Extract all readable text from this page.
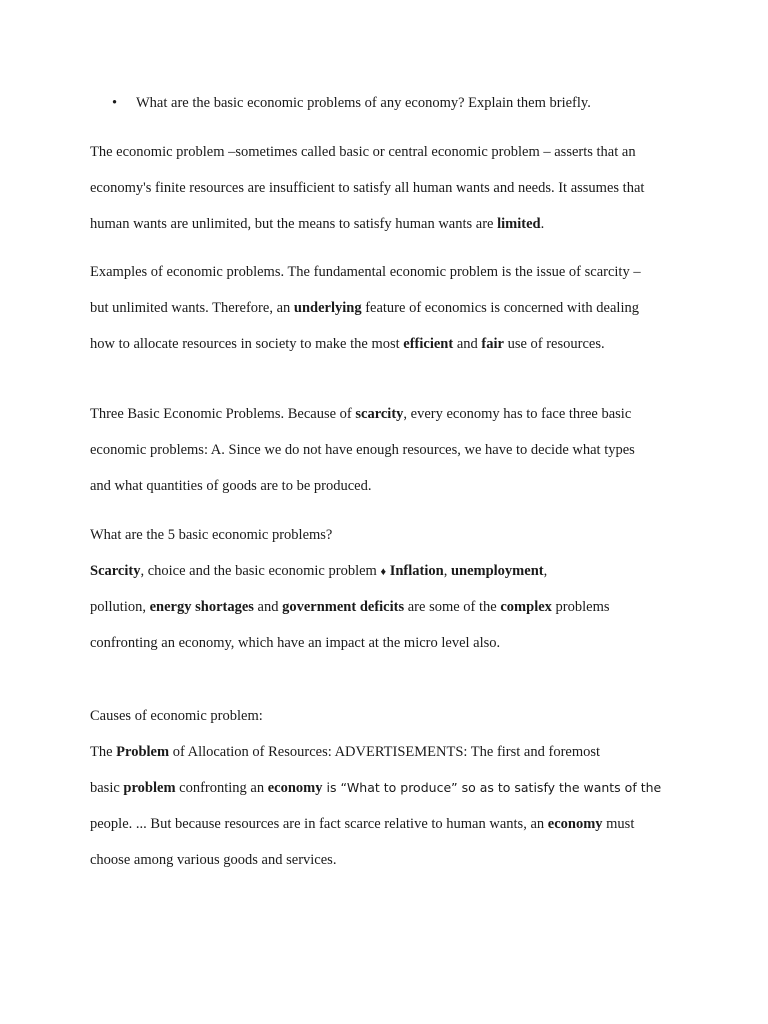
• What are the basic economic problems of any economy? Explain them briefly.
The economic problem –sometimes called basic or central economic problem – asserts that an
economy's finite resources are insufficient to satisfy all human wants and needs. It assumes that
human wants are unlimited, but the means to satisfy human wants are limited.
Examples of economic problems. The fundamental economic problem is the issue of scarcity –
but unlimited wants. Therefore, an underlying feature of economics is concerned with dealing
how to allocate resources in society to make the most efficient and fair use of resources.
Three Basic Economic Problems. Because of scarcity, every economy has to face three basic
economic problems: A. Since we do not have enough resources, we have to decide what types
and what quantities of goods are to be produced.
What are the 5 basic economic problems?
Scarcity, choice and the basic economic problem ♦ Inflation, unemployment,
pollution, energy shortages and government deficits are some of the complex problems
confronting an economy, which have an impact at the micro level also.
Causes of economic problem:
The Problem of Allocation of Resources: ADVERTISEMENTS: The first and foremost
basic problem confronting an economy is “What to produce” so as to satisfy the wants of the
people. ... But because resources are in fact scarce relative to human wants, an economy must
choose among various goods and services.
